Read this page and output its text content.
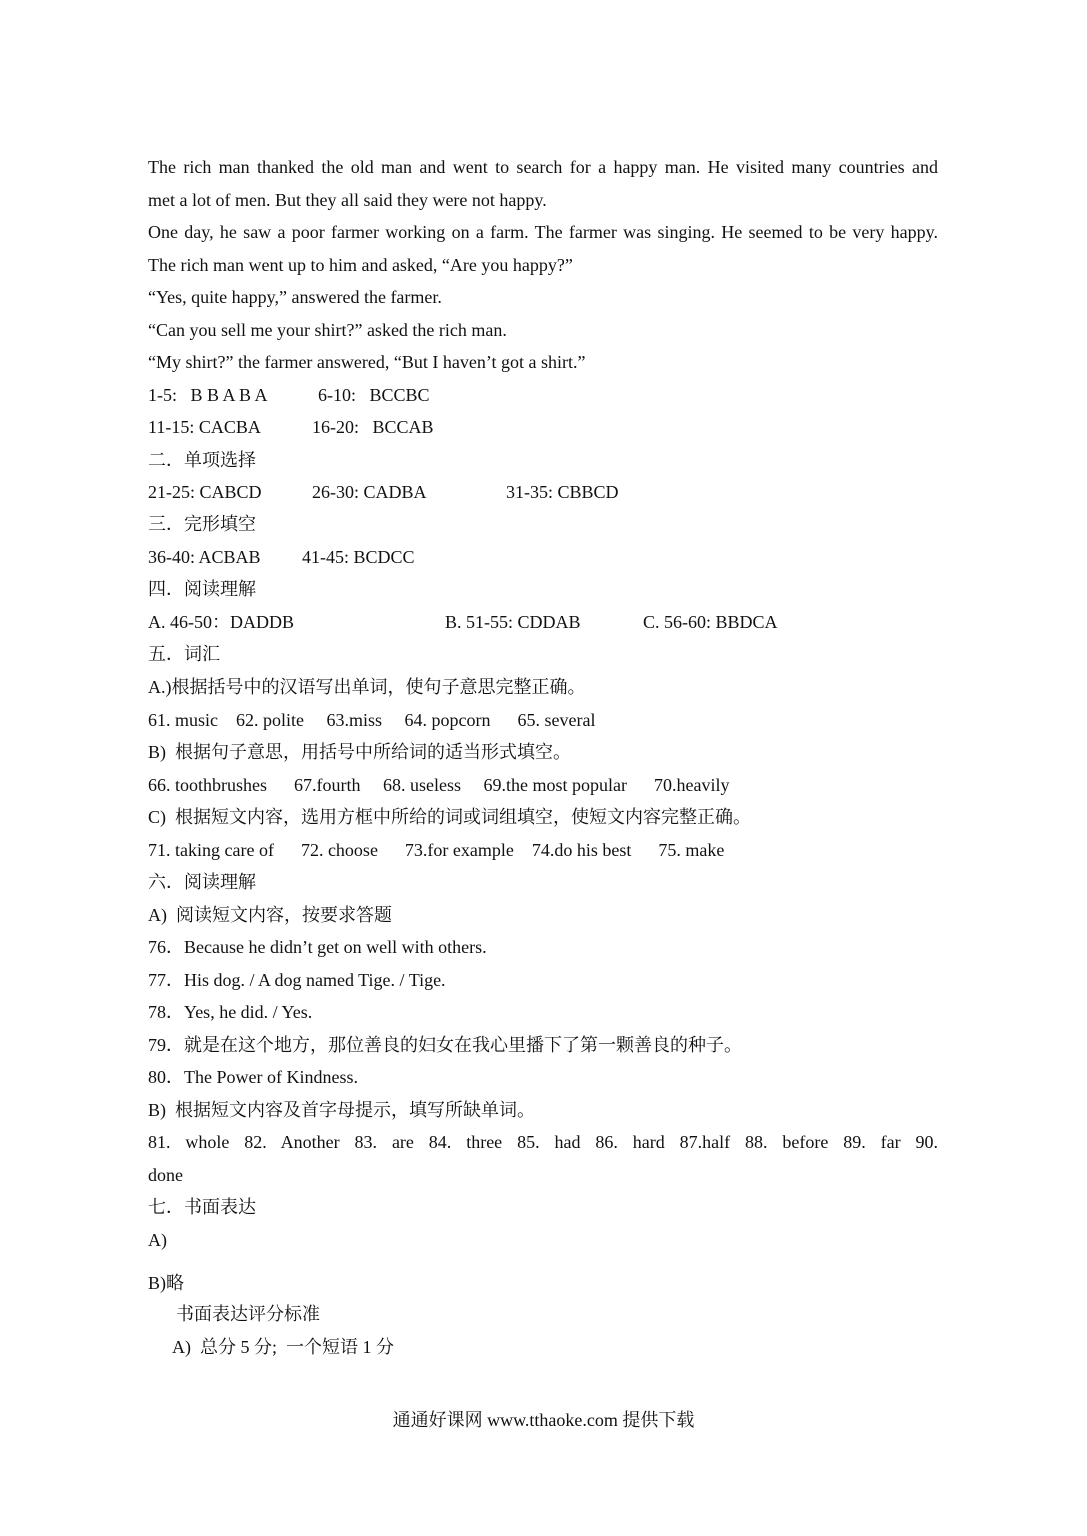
The rich man thanked the old man and went to search for a happy man. He visited many countries and
met a lot of men. But they all said they were not happy.
One day, he saw a poor farmer working on a farm. The farmer was singing. He seemed to be very happy.
The rich man went up to him and asked, “Are you happy?”
“Yes, quite happy,” answered the farmer.
“Can you sell me your shirt?” asked the rich man.
“My shirt?” the farmer answered, “But I haven’t got a shirt.”
1-5:   B B A B A	6-10:   BCCBC
11-15: CACBA	16-20:   BCCAB
二．单项选择
21-25: CABCD	26-30: CADBA	31-35: CBBCD
三．完形填空
36-40: ACBAB 41-45: BCDCC
四．阅读理解
A. 46-50：DADDB	B. 51-55: CDDAB	C. 56-60: BBDCA
五．词汇
A.)根据括号中的汉语写出单词，使句子意思完整正确。
61. music    62. polite     63.miss     64. popcorn      65. several
B)  根据句子意思，用括号中所给词的适当形式填空。
66. toothbrushes      67.fourth     68. useless     69.the most popular      70.heavily
C)  根据短文内容，选用方框中所给的词或词组填空，使短文内容完整正确。
71. taking care of      72. choose      73.for example    74.do his best      75. make
六．阅读理解
A)  阅读短文内容，按要求答题
76．Because he didn’t get on well with others.
77．His dog. / A dog named Tige. / Tige.
78．Yes, he did. / Yes.
79．就是在这个地方，那位善良的妇女在我心里播下了第一颗善良的种子。
80．The Power of Kindness.
B)  根据短文内容及首字母提示，填写所缺单词。
81. whole 82. Another 83. are 84. three 85. had 86. hard 87.half 88. before 89. far 90.
done
七．书面表达
A)
B)略
书面表达评分标准
A)  总分 5 分;  一个短语 1 分
通通好课网 www.tthaoke.com 提供下载
